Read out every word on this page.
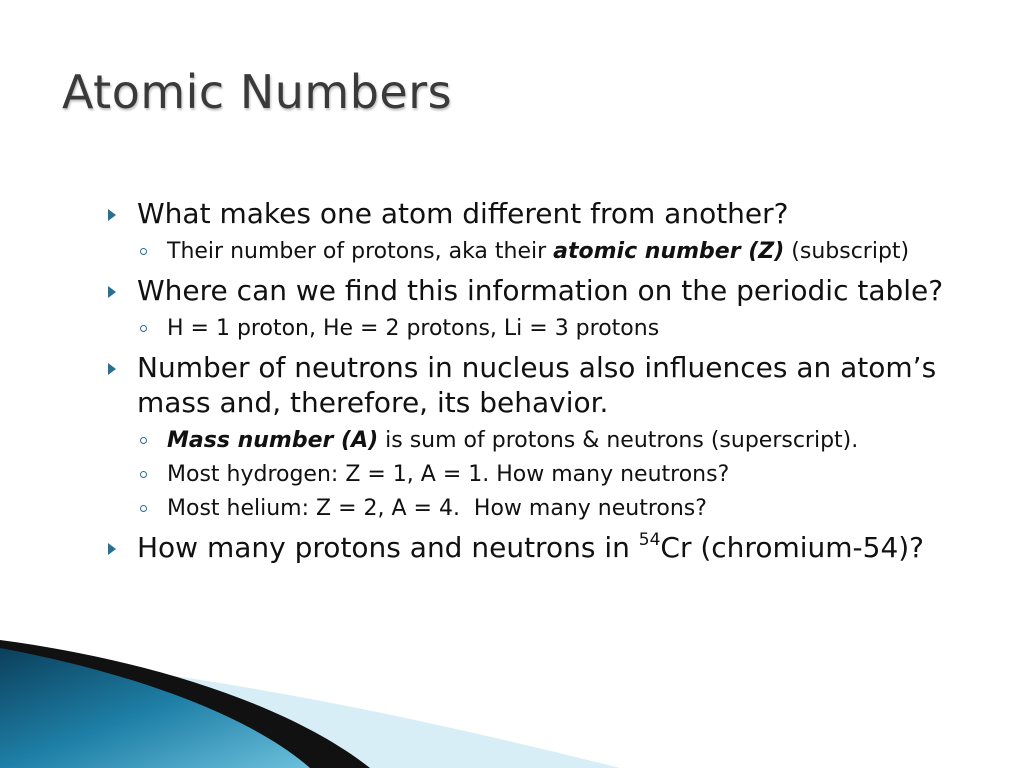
Atomic Numbers
What makes one atom different from another?
Their number of protons, aka their atomic number (Z) (subscript)
Where can we find this information on the periodic table?
H = 1 proton, He = 2 protons, Li = 3 protons
Number of neutrons in nucleus also influences an atom’s mass and, therefore, its behavior.
Mass number (A) is sum of protons & neutrons (superscript).
Most hydrogen: Z = 1, A = 1. How many neutrons?
Most helium: Z = 2, A = 4.  How many neutrons?
How many protons and neutrons in $^{54}$Cr (chromium-54)?
